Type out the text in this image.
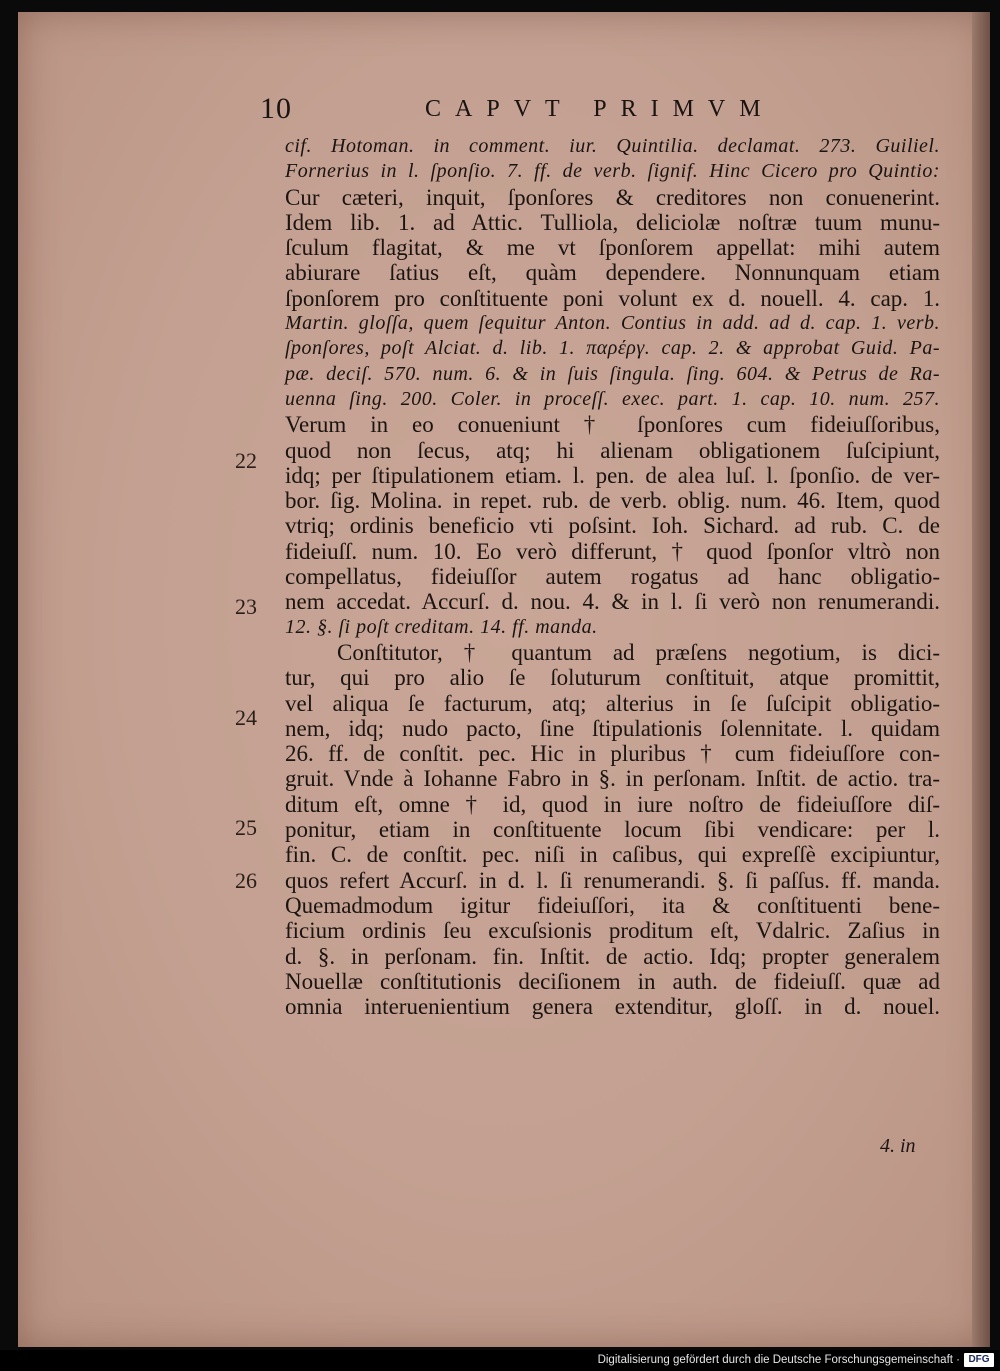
10	CAPVT PRIMVM
cif. Hotoman. in comment. iur. Quintilia. declamat. 273. Guiliel.
Fornerius in l. ſponſio. 7. ff. de verb. ſignif. Hinc Cicero pro Quintio:
Cur cæteri, inquit, ſponſores & creditores non conuenerint.
Idem lib. 1. ad Attic. Tulliola, deliciolæ noſtræ tuum munu-
ſculum flagitat, & me vt ſponſorem appellat: mihi autem
abiurare ſatius eſt, quàm dependere. Nonnunquam etiam
ſponſorem pro conſtituente poni volunt ex d. nouell. 4. cap. 1.
Martin. gloſſa, quem ſequitur Anton. Contius in add. ad d. cap. 1. verb.
ſponſores, poſt Alciat. d. lib. 1. παρέργ. cap. 2. & approbat Guid. Pa-
pæ. deciſ. 570. num. 6. & in ſuis ſingula. ſing. 604. & Petrus de Ra-
uenna ſing. 200. Coler. in proceſſ. exec. part. 1. cap. 10. num. 257.
Verum in eo conueniunt † ſponſores cum fideiuſſoribus,
quod non ſecus, atq; hi alienam obligationem ſuſcipiunt,
idq; per ſtipulationem etiam. l. pen. de alea luſ. l. ſponſio. de ver-
bor. ſig. Molina. in repet. rub. de verb. oblig. num. 46. Item, quod
vtriq; ordinis beneficio vti poſsint. Ioh. Sichard. ad rub. C. de
fideiuſſ. num. 10. Eo verò differunt, † quod ſponſor vltrò non
compellatus, fideiuſſor autem rogatus ad hanc obligatio-
nem accedat. Accurſ. d. nou. 4. & in l. ſi verò non renumerandi.
12. §. ſi poſt creditam. 14. ff. manda.
Conſtitutor, † quantum ad præſens negotium, is dici-
tur, qui pro alio ſe ſoluturum conſtituit, atque promittit,
vel aliqua ſe facturum, atq; alterius in ſe ſuſcipit obligatio-
nem, idq; nudo pacto, ſine ſtipulationis ſolennitate. l. quidam
26. ff. de conſtit. pec. Hic in pluribus † cum fideiuſſore con-
gruit. Vnde à Iohanne Fabro in §. in perſonam. Inſtit. de actio. tra-
ditum eſt, omne † id, quod in iure noſtro de fideiuſſore diſ-
ponitur, etiam in conſtituente locum ſibi vendicare: per l.
fin. C. de conſtit. pec. niſi in caſibus, qui expreſſè excipiuntur,
quos refert Accurſ. in d. l. ſi renumerandi. §. ſi paſſus. ff. manda.
Quemadmodum igitur fideiuſſori, ita & conſtituenti bene-
ficium ordinis ſeu excuſsionis proditum eſt, Vdalric. Zaſius in
d. §. in perſonam. fin. Inſtit. de actio. Idq; propter generalem
Nouellæ conſtitutionis deciſionem in auth. de fideiuſſ. quæ ad
omnia interuenientium genera extenditur, gloſſ. in d. nouel.
22
23
24
25
26
4. in
Digitalisierung gefördert durch die Deutsche Forschungsgemeinschaft · DFG
